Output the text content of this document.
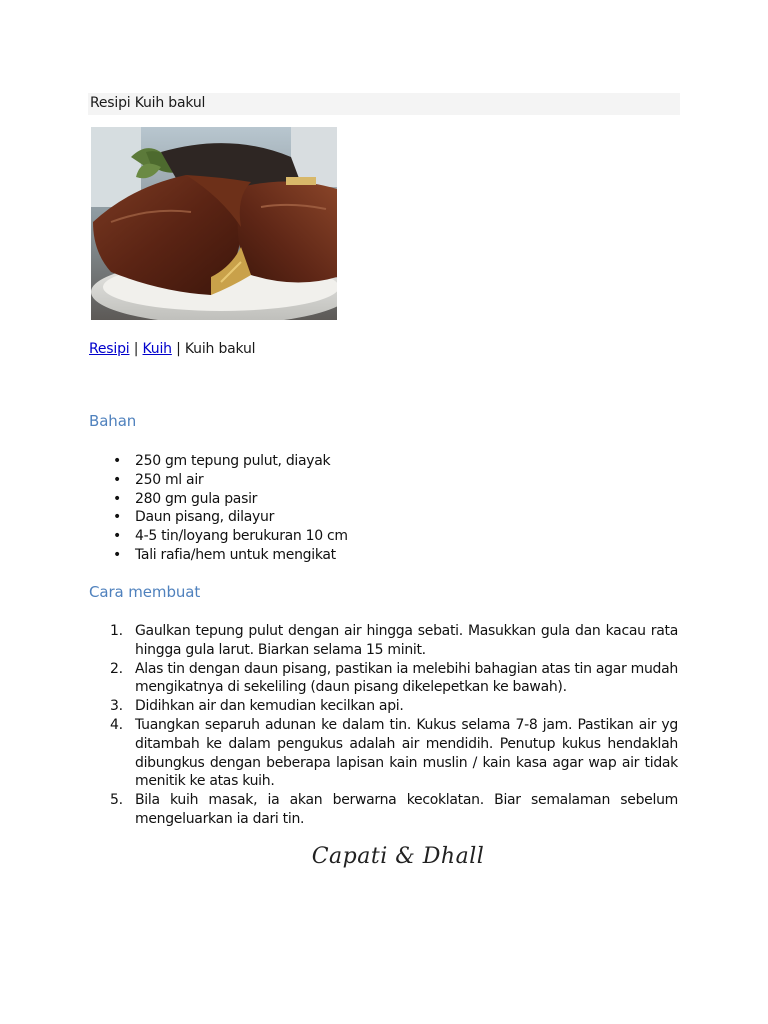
Resipi Kuih bakul
Resipi | Kuih | Kuih bakul
Bahan
• 250 gm tepung pulut, diayak
• 250 ml air
• 280 gm gula pasir
• Daun pisang, dilayur
• 4-5 tin/loyang berukuran 10 cm
• Tali rafia/hem untuk mengikat
Cara membuat
1. Gaulkan tepung pulut dengan air hingga sebati. Masukkan gula dan kacau rata hingga gula larut. Biarkan selama 15 minit.
2. Alas tin dengan daun pisang, pastikan ia melebihi bahagian atas tin agar mudah mengikatnya di sekeliling (daun pisang dikelepetkan ke bawah).
3. Didihkan air dan kemudian kecilkan api.
4. Tuangkan separuh adunan ke dalam tin. Kukus selama 7-8 jam. Pastikan air yg ditambah ke dalam pengukus adalah air mendidih. Penutup kukus hendaklah dibungkus dengan beberapa lapisan kain muslin / kain kasa agar wap air tidak menitik ke atas kuih.
5. Bila kuih masak, ia akan berwarna kecoklatan. Biar semalaman sebelum mengeluarkan ia dari tin.
Capati & Dhall
